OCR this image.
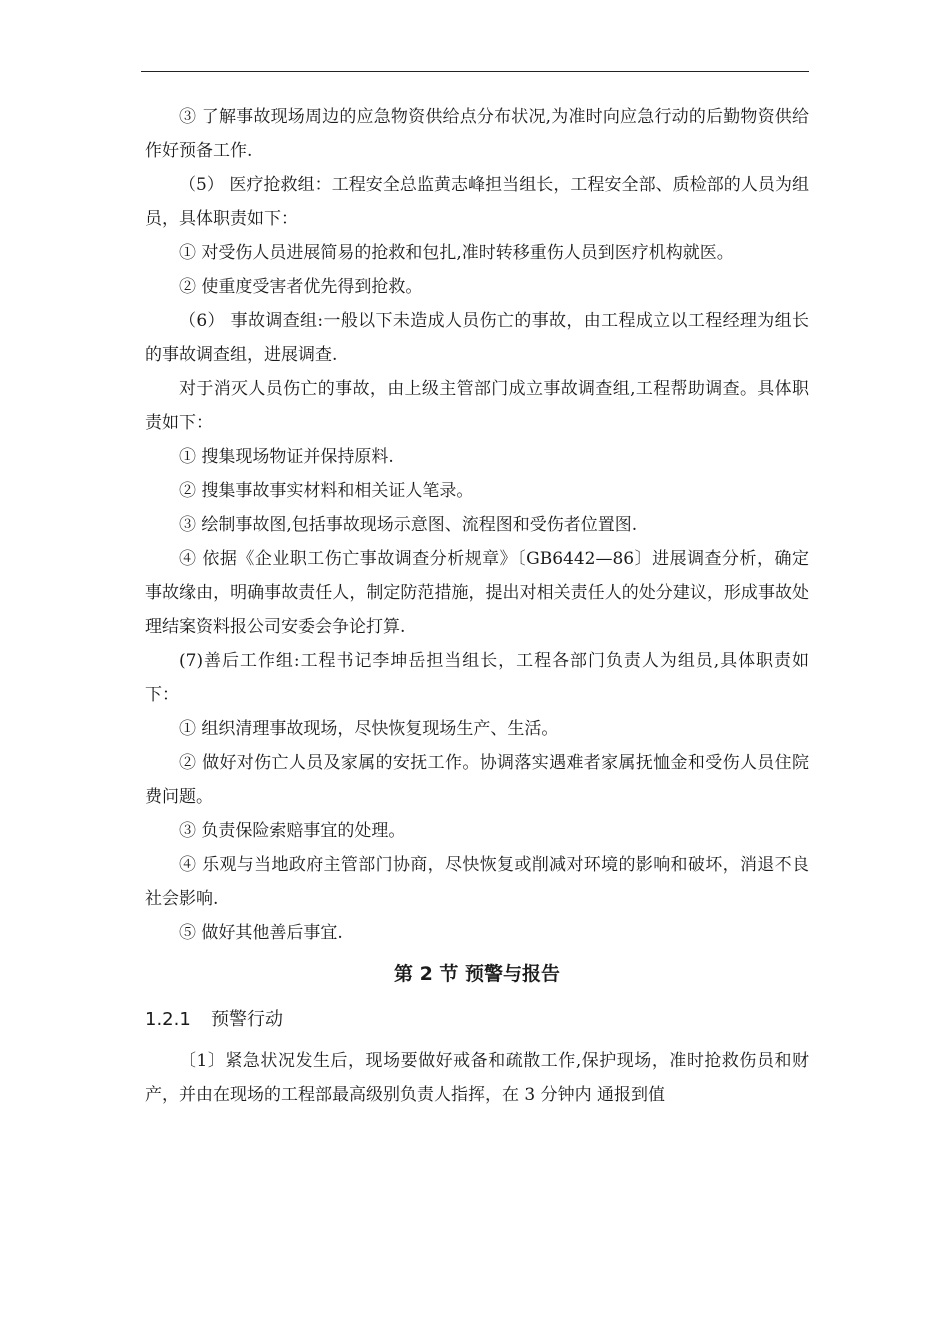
③ 了解事故现场周边的应急物资供给点分布状况,为准时向应急行动的后勤物资供给作好预备工作.

（5） 医疗抢救组：工程安全总监黄志峰担当组长，工程安全部、质检部的人员为组员，具体职责如下：

① 对受伤人员进展简易的抢救和包扎,准时转移重伤人员到医疗机构就医。

② 使重度受害者优先得到抢救。

（6） 事故调查组:一般以下未造成人员伤亡的事故，由工程成立以工程经理为组长的事故调查组，进展调查.

对于消灭人员伤亡的事故，由上级主管部门成立事故调查组,工程帮助调查。具体职责如下：

① 搜集现场物证并保持原料.

② 搜集事故事实材料和相关证人笔录。

③ 绘制事故图,包括事故现场示意图、流程图和受伤者位置图.

④ 依据《企业职工伤亡事故调查分析规章》〔GB6442—86〕进展调查分析，确定事故缘由，明确事故责任人，制定防范措施，提出对相关责任人的处分建议，形成事故处理结案资料报公司安委会争论打算.

(7)善后工作组:工程书记李坤岳担当组长，工程各部门负责人为组员,具体职责如下：

① 组织清理事故现场，尽快恢复现场生产、生活。

② 做好对伤亡人员及家属的安抚工作。协调落实遇难者家属抚恤金和受伤人员住院费问题。

③ 负责保险索赔事宜的处理。

④ 乐观与当地政府主管部门协商，尽快恢复或削减对环境的影响和破坏，消退不良社会影响.

⑤ 做好其他善后事宜.

第 2 节 预警与报告
1.2.1 预警行动

〔1〕紧急状况发生后，现场要做好戒备和疏散工作,保护现场，准时抢救伤员和财产，并由在现场的工程部最高级别负责人指挥，在 3 分钟内 通报到值
